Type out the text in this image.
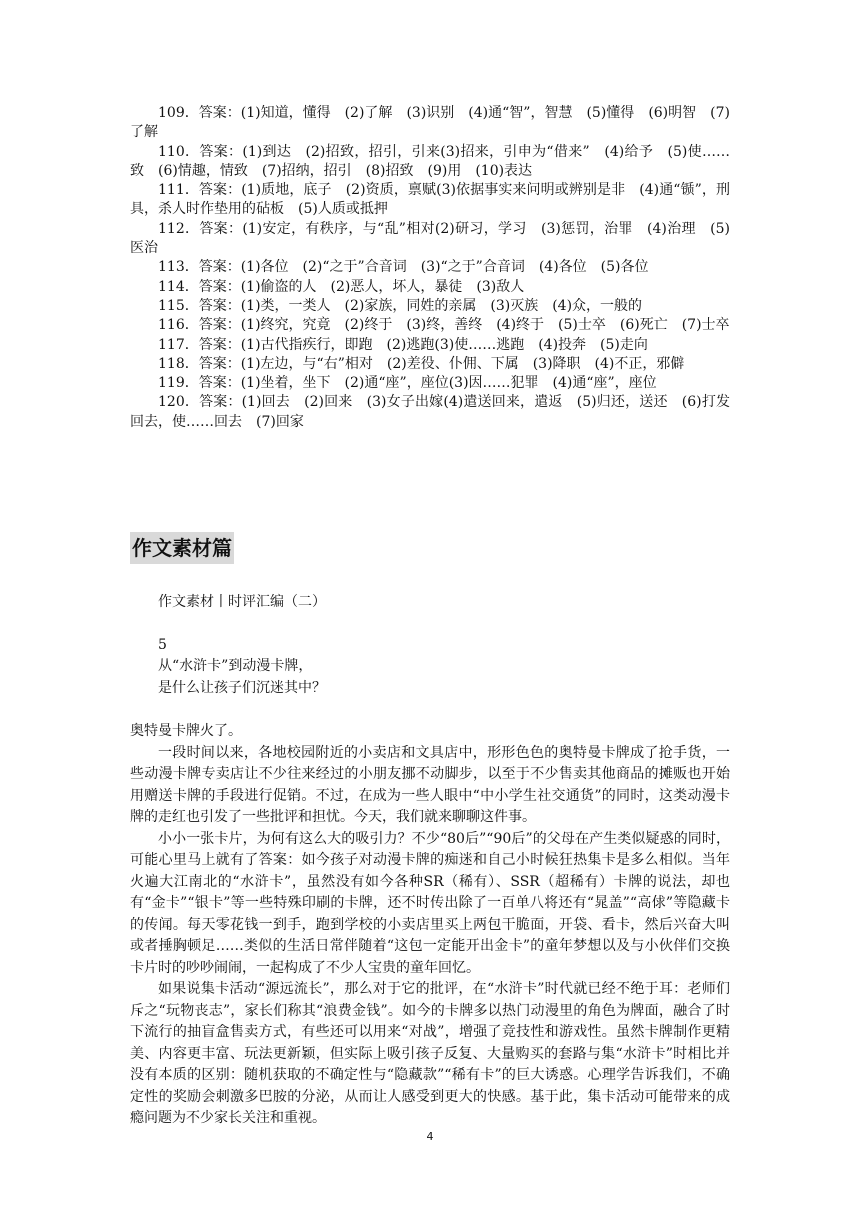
109．答案：(1)知道，懂得　(2)了解　(3)识别　(4)通“智”，智慧　(5)懂得　(6)明智　(7)了解

110．答案：(1)到达　(2)招致，招引，引来(3)招来，引申为“借来”　(4)给予　(5)使……致　(6)情趣，情致　(7)招纳，招引　(8)招致　(9)用　(10)表达

111．答案：(1)质地，底子　(2)资质，禀赋(3)依据事实来问明或辨别是非　(4)通“锧”，刑具，杀人时作垫用的砧板　(5)人质或抵押

112．答案：(1)安定，有秩序，与“乱”相对(2)研习，学习　(3)惩罚，治罪　(4)治理　(5)医治

113．答案：(1)各位　(2)“之于”合音词　(3)“之于”合音词　(4)各位　(5)各位

114．答案：(1)偷盗的人　(2)恶人，坏人，暴徒　(3)敌人

115．答案：(1)类，一类人　(2)家族，同姓的亲属　(3)灭族　(4)众，一般的

116．答案：(1)终究，究竟　(2)终于　(3)终，善终　(4)终于　(5)士卒　(6)死亡　(7)士卒

117．答案：(1)古代指疾行，即跑　(2)逃跑(3)使……逃跑　(4)投奔　(5)走向

118．答案：(1)左边，与“右”相对　(2)差役、仆佣、下属　(3)降职　(4)不正，邪僻

119．答案：(1)坐着，坐下　(2)通“座”，座位(3)因……犯罪　(4)通“座”，座位

120．答案：(1)回去　(2)回来　(3)女子出嫁(4)遣送回来，遣返　(5)归还，送还　(6)打发回去，使……回去　(7)回家

作文素材篇

作文素材丨时评汇编（二）

5

从“水浒卡”到动漫卡牌，

是什么让孩子们沉迷其中？

奥特曼卡牌火了。

一段时间以来，各地校园附近的小卖店和文具店中，形形色色的奥特曼卡牌成了抢手货，一些动漫卡牌专卖店让不少往来经过的小朋友挪不动脚步，以至于不少售卖其他商品的摊贩也开始用赠送卡牌的手段进行促销。不过，在成为一些人眼中“中小学生社交通货”的同时，这类动漫卡牌的走红也引发了一些批评和担忧。今天，我们就来聊聊这件事。

小小一张卡片，为何有这么大的吸引力？不少“80后”“90后”的父母在产生类似疑惑的同时，可能心里马上就有了答案：如今孩子对动漫卡牌的痴迷和自己小时候狂热集卡是多么相似。当年火遍大江南北的“水浒卡”，虽然没有如今各种SR（稀有）、SSR（超稀有）卡牌的说法，却也有“金卡”“银卡”等一些特殊印刷的卡牌，还不时传出除了一百单八将还有“晁盖”“高俅”等隐藏卡的传闻。每天零花钱一到手，跑到学校的小卖店里买上两包干脆面，开袋、看卡，然后兴奋大叫或者捶胸顿足……类似的生活日常伴随着“这包一定能开出金卡”的童年梦想以及与小伙伴们交换卡片时的吵吵闹闹，一起构成了不少人宝贵的童年回忆。

如果说集卡活动“源远流长”，那么对于它的批评，在“水浒卡”时代就已经不绝于耳：老师们斥之“玩物丧志”，家长们称其“浪费金钱”。如今的卡牌多以热门动漫里的角色为牌面，融合了时下流行的抽盲盒售卖方式，有些还可以用来“对战”，增强了竞技性和游戏性。虽然卡牌制作更精美、内容更丰富、玩法更新颖，但实际上吸引孩子反复、大量购买的套路与集“水浒卡”时相比并没有本质的区别：随机获取的不确定性与“隐藏款”“稀有卡”的巨大诱惑。心理学告诉我们，不确定性的奖励会刺激多巴胺的分泌，从而让人感受到更大的快感。基于此，集卡活动可能带来的成瘾问题为不少家长关注和重视。

4
